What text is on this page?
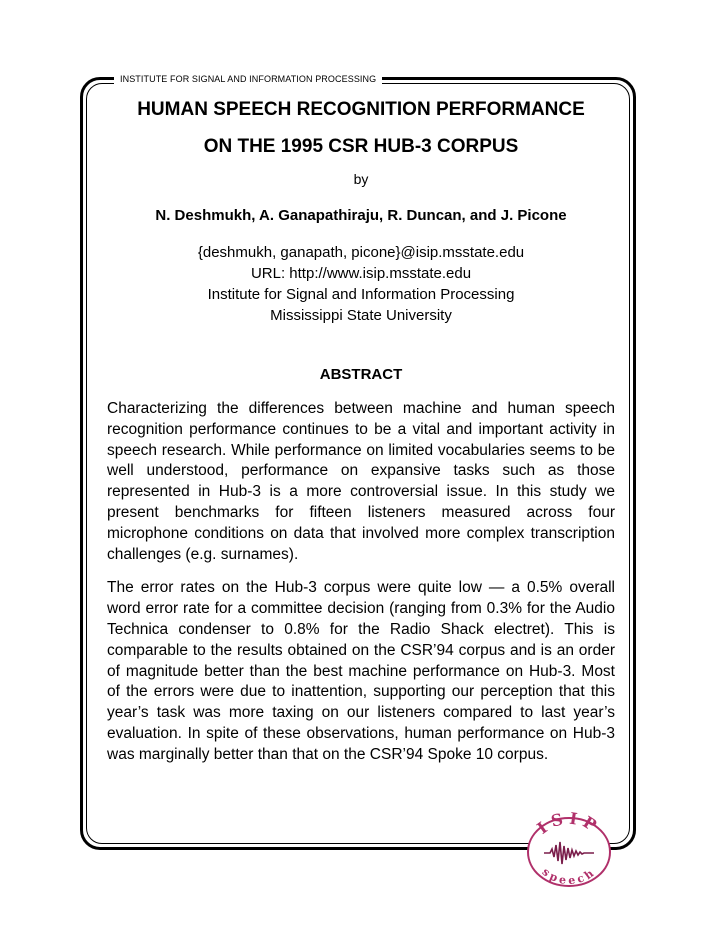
INSTITUTE FOR SIGNAL AND INFORMATION PROCESSING
HUMAN SPEECH RECOGNITION PERFORMANCE
ON THE 1995 CSR HUB-3 CORPUS
by
N. Deshmukh, A. Ganapathiraju, R. Duncan, and J. Picone
{deshmukh, ganapath, picone}@isip.msstate.edu
URL: http://www.isip.msstate.edu
Institute for Signal and Information Processing
Mississippi State University
ABSTRACT

Characterizing the differences between machine and human speech recognition performance continues to be a vital and important activity in speech research. While performance on limited vocabularies seems to be well understood, performance on expansive tasks such as those represented in Hub-3 is a more controversial issue. In this study we present benchmarks for fifteen listeners measured across four microphone conditions on data that involved more complex transcription challenges (e.g. surnames).

The error rates on the Hub-3 corpus were quite low — a 0.5% overall word error rate for a committee decision (ranging from 0.3% for the Audio Technica condenser to 0.8% for the Radio Shack electret). This is comparable to the results obtained on the CSR’94 corpus and is an order of magnitude better than the best machine performance on Hub-3. Most of the errors were due to inattention, supporting our perception that this year’s task was more taxing on our listeners compared to last year’s evaluation. In spite of these observations, human performance on Hub-3 was marginally better than that on the CSR’94 Spoke 10 corpus.

ISIP
speech
